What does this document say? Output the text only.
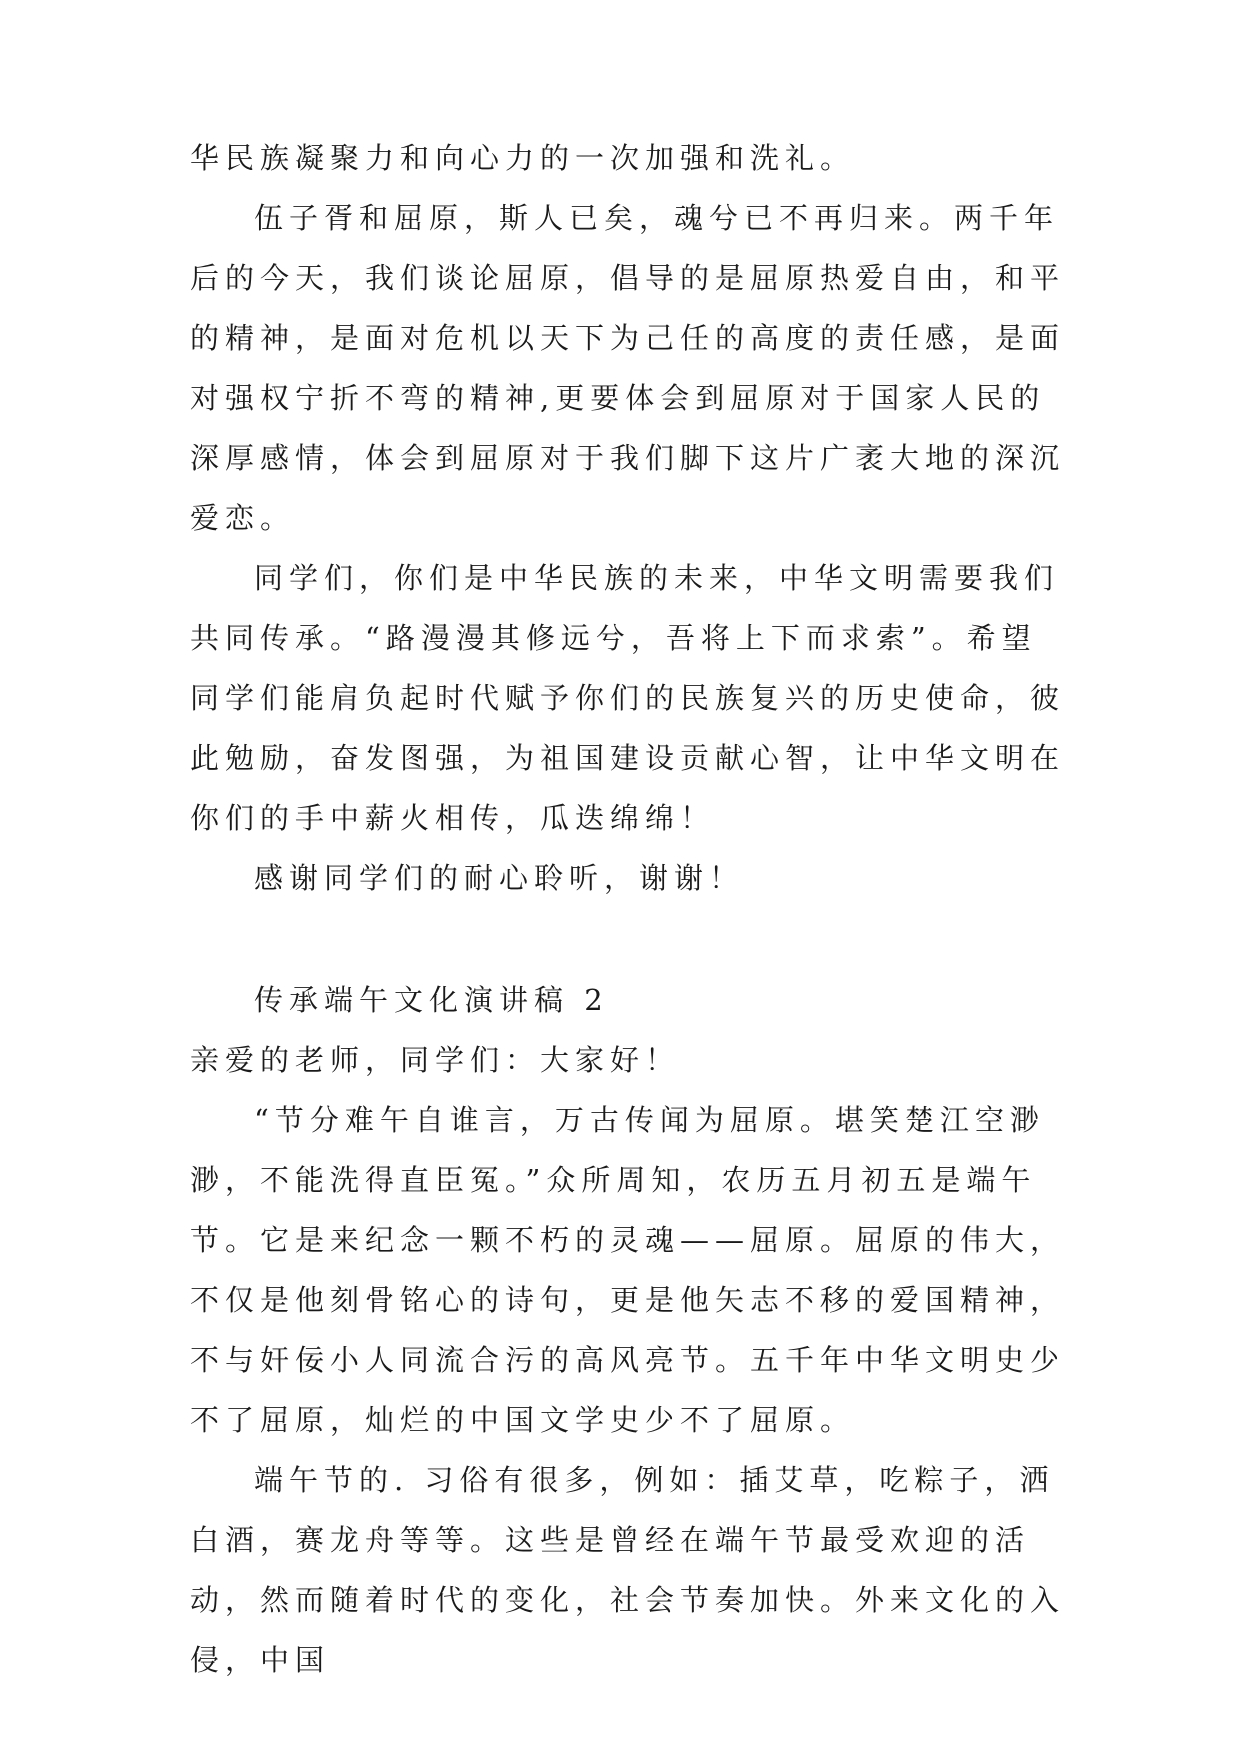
华民族凝聚力和向心力的一次加强和洗礼。

伍子胥和屈原，斯人已矣，魂兮已不再归来。两千年后的今天，我们谈论屈原，倡导的是屈原热爱自由，和平的精神，是面对危机以天下为己任的高度的责任感，是面对强权宁折不弯的精神,更要体会到屈原对于国家人民的深厚感情，体会到屈原对于我们脚下这片广袤大地的深沉爱恋。

同学们，你们是中华民族的未来，中华文明需要我们共同传承。“路漫漫其修远兮，吾将上下而求索”。希望同学们能肩负起时代赋予你们的民族复兴的历史使命，彼此勉励，奋发图强，为祖国建设贡献心智，让中华文明在你们的手中薪火相传，瓜迭绵绵！

感谢同学们的耐心聆听，谢谢！

传承端午文化演讲稿 2

亲爱的老师，同学们：大家好！

“节分难午自谁言，万古传闻为屈原。堪笑楚江空渺渺，不能洗得直臣冤。”众所周知，农历五月初五是端午节。它是来纪念一颗不朽的灵魂——屈原。屈原的伟大，不仅是他刻骨铭心的诗句，更是他矢志不移的爱国精神，不与奸佞小人同流合污的高风亮节。五千年中华文明史少不了屈原，灿烂的中国文学史少不了屈原。

端午节的. 习俗有很多，例如：插艾草，吃粽子，洒白酒，赛龙舟等等。这些是曾经在端午节最受欢迎的活动，然而随着时代的变化，社会节奏加快。外来文化的入侵，中国
